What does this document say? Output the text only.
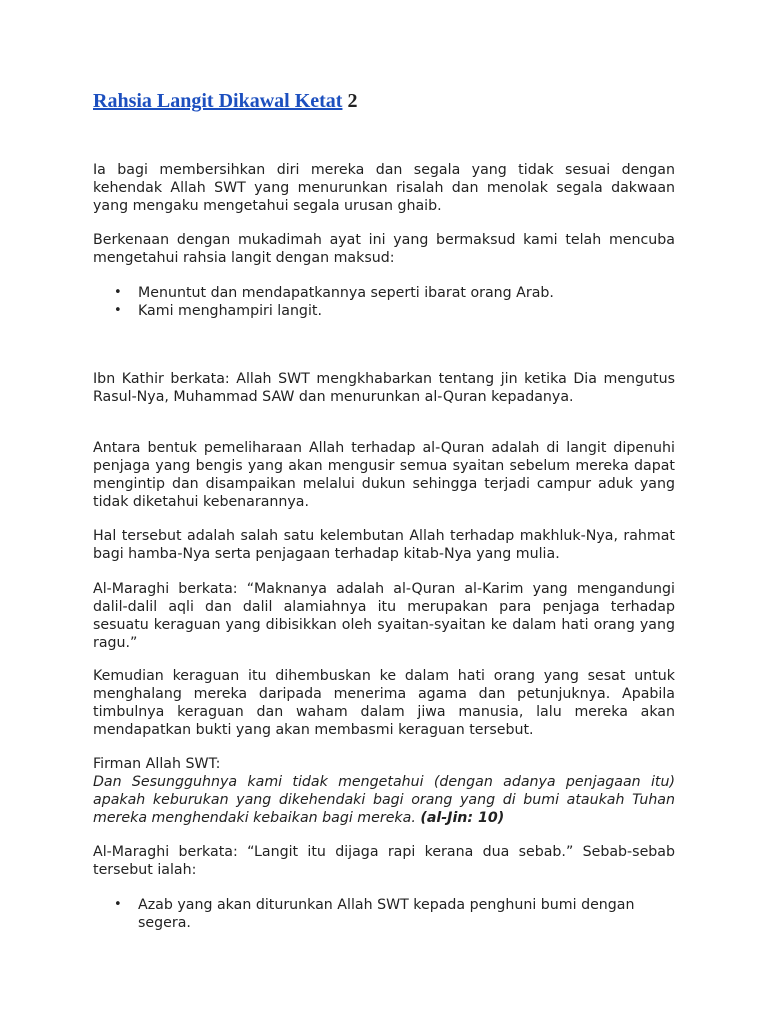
Rahsia Langit Dikawal Ketat 2

Ia bagi membersihkan diri mereka dan segala yang tidak sesuai dengan kehendak Allah SWT yang menurunkan risalah dan menolak segala dakwaan yang mengaku mengetahui segala urusan ghaib.

Berkenaan dengan mukadimah ayat ini yang bermaksud kami telah mencuba mengetahui rahsia langit dengan maksud:

• Menuntut dan mendapatkannya seperti ibarat orang Arab.
• Kami menghampiri langit.

Ibn Kathir berkata: Allah SWT mengkhabarkan tentang jin ketika Dia mengutus Rasul-Nya, Muhammad SAW dan menurunkan al-Quran kepadanya.

Antara bentuk pemeliharaan Allah terhadap al-Quran adalah di langit dipenuhi penjaga yang bengis yang akan mengusir semua syaitan sebelum mereka dapat mengintip dan disampaikan melalui dukun sehingga terjadi campur aduk yang tidak diketahui kebenarannya.

Hal tersebut adalah salah satu kelembutan Allah terhadap makhluk-Nya, rahmat bagi hamba-Nya serta penjagaan terhadap kitab-Nya yang mulia.

Al-Maraghi berkata: “Maknanya adalah al-Quran al-Karim yang mengandungi dalil-dalil aqli dan dalil alamiahnya itu merupakan para penjaga terhadap sesuatu keraguan yang dibisikkan oleh syaitan-syaitan ke dalam hati orang yang ragu.”

Kemudian keraguan itu dihembuskan ke dalam hati orang yang sesat untuk menghalang mereka daripada menerima agama dan petunjuknya. Apabila timbulnya keraguan dan waham dalam jiwa manusia, lalu mereka akan mendapatkan bukti yang akan membasmi keraguan tersebut.

Firman Allah SWT:

Dan Sesungguhnya kami tidak mengetahui (dengan adanya penjagaan itu) apakah keburukan yang dikehendaki bagi orang yang di bumi ataukah Tuhan mereka menghendaki kebaikan bagi mereka. (al-Jin: 10)

Al-Maraghi berkata: “Langit itu dijaga rapi kerana dua sebab.” Sebab-sebab tersebut ialah:

• Azab yang akan diturunkan Allah SWT kepada penghuni bumi dengan segera.
